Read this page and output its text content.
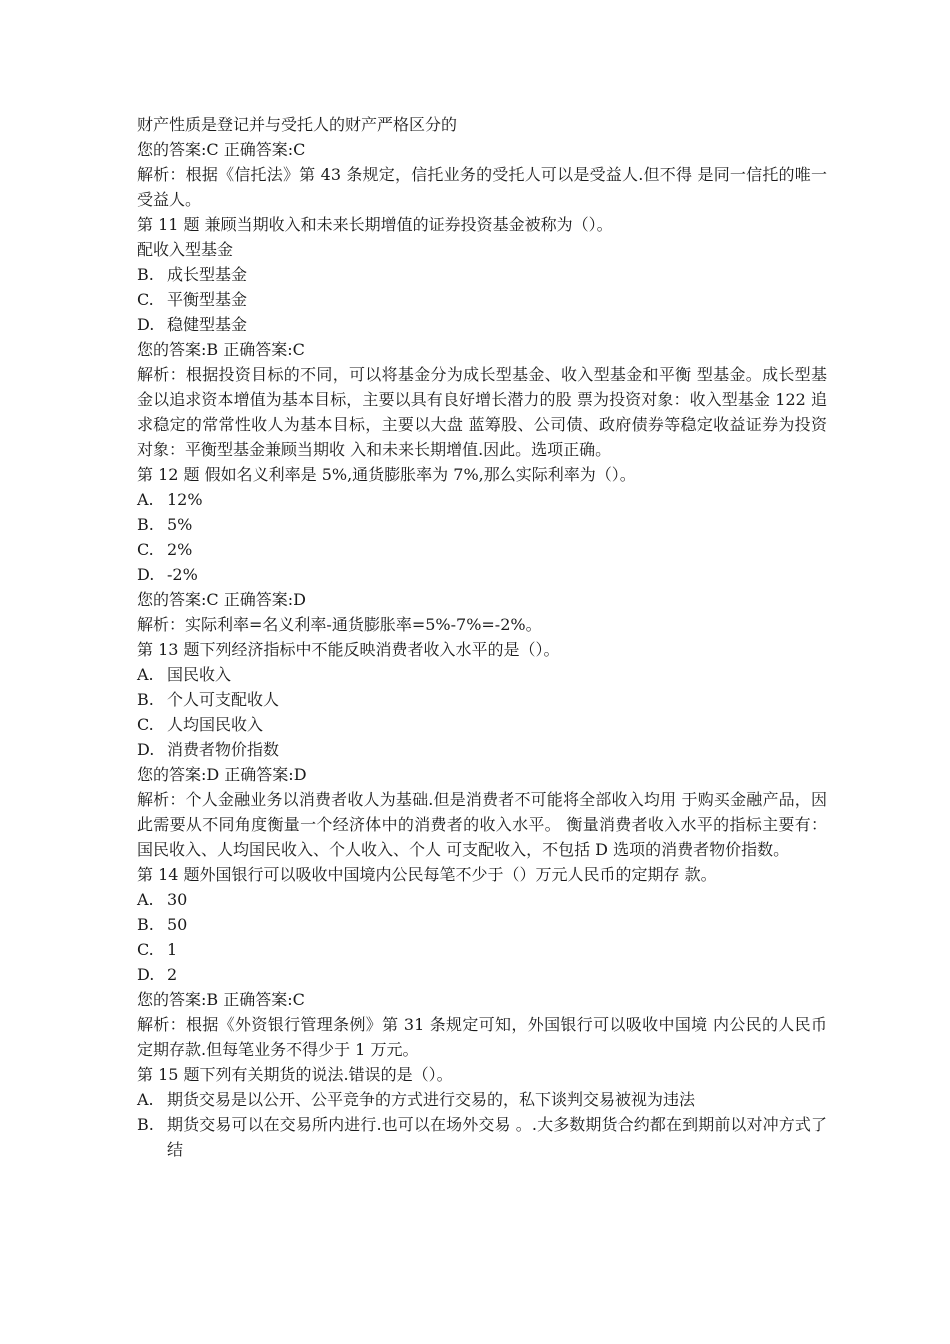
财产性质是登记并与受托人的财产严格区分的

您的答案:C 正确答案:C

解析：根据《信托法》第 43 条规定，信托业务的受托人可以是受益人.但不得 是同一信托的唯一受益人。

第 11 题 兼顾当期收入和未来长期增值的证券投资基金被称为（）。

配收入型基金

B. 成长型基金
C. 平衡型基金
D. 稳健型基金

您的答案:B 正确答案:C

解析：根据投资目标的不同，可以将基金分为成长型基金、收入型基金和平衡 型基金。成长型基金以追求资本增值为基本目标，主要以具有良好增长潜力的股 票为投资对象：收入型基金 122 追求稳定的常常性收人为基本目标，主要以大盘 蓝筹股、公司债、政府债券等稳定收益证券为投资对象：平衡型基金兼顾当期收 入和未来长期增值.因此。选项正确。

第 12 题 假如名义利率是 5%,通货膨胀率为 7%,那么实际利率为（）。

A. 12%
B. 5%
C. 2%
D. -2%

您的答案:C 正确答案:D

解析：实际利率=名义利率-通货膨胀率=5%-7%=-2%。

第 13 题下列经济指标中不能反映消费者收入水平的是（）。

A. 国民收入
B. 个人可支配收人
C. 人均国民收入
D. 消费者物价指数

您的答案:D 正确答案:D

解析：个人金融业务以消费者收人为基础.但是消费者不可能将全部收入均用 于购买金融产品，因此需要从不同角度衡量一个经济体中的消费者的收入水平。 衡量消费者收入水平的指标主要有：国民收入、人均国民收入、个人收入、个人 可支配收入，不包括 D 选项的消费者物价指数。

第 14 题外国银行可以吸收中国境内公民每笔不少于（）万元人民币的定期存 款。

A. 30
B. 50
C. 1
D. 2

您的答案:B 正确答案:C

解析：根据《外资银行管理条例》第 31 条规定可知，外国银行可以吸收中国境 内公民的人民币定期存款.但每笔业务不得少于 1 万元。

第 15 题下列有关期货的说法.错误的是（）。

A. 期货交易是以公开、公平竞争的方式进行交易的，私下谈判交易被视为违法
B. 期货交易可以在交易所内进行.也可以在场外交易 。.大多数期货合约都在到期前以对冲方式了结
